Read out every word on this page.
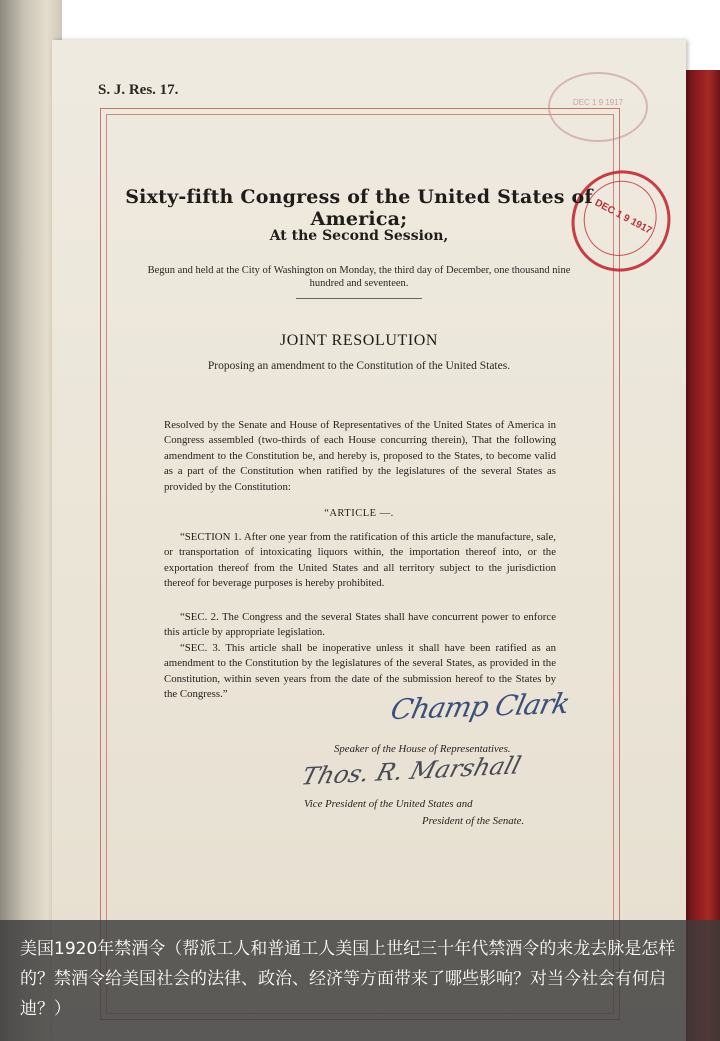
S. J. Res. 17.
DEC 1 9 1917
DEC 1 9 1917
Sixty-fifth Congress of the United States of America;
At the Second Session,
Begun and held at the City of Washington on Monday, the third day of December, one thousand nine hundred and seventeen.
JOINT RESOLUTION
Proposing an amendment to the Constitution of the United States.

Resolved by the Senate and House of Representatives of the United States of America in Congress assembled (two-thirds of each House concurring therein), That the following amendment to the Constitution be, and hereby is, proposed to the States, to become valid as a part of the Constitution when ratified by the legislatures of the several States as provided by the Constitution:

“ARTICLE —.

“SECTION 1. After one year from the ratification of this article the manufacture, sale, or transportation of intoxicating liquors within, the importation thereof into, or the exportation thereof from the United States and all territory subject to the jurisdiction thereof for beverage purposes is hereby prohibited.

“SEC. 2. The Congress and the several States shall have concurrent power to enforce this article by appropriate legislation.

“SEC. 3. This article shall be inoperative unless it shall have been ratified as an amendment to the Constitution by the legislatures of the several States, as provided in the Constitution, within seven years from the date of the submission hereof to the States by the Congress.”	Champ Clark
Speaker of the House of Representatives.
Thos. R. Marshall
Vice President of the United States and
President of the Senate.

美国1920年禁酒令（帮派工人和普通工人美国上世纪三十年代禁酒令的来龙去脉是怎样的？禁酒令给美国社会的法律、政治、经济等方面带来了哪些影响？对当今社会有何启迪？）
